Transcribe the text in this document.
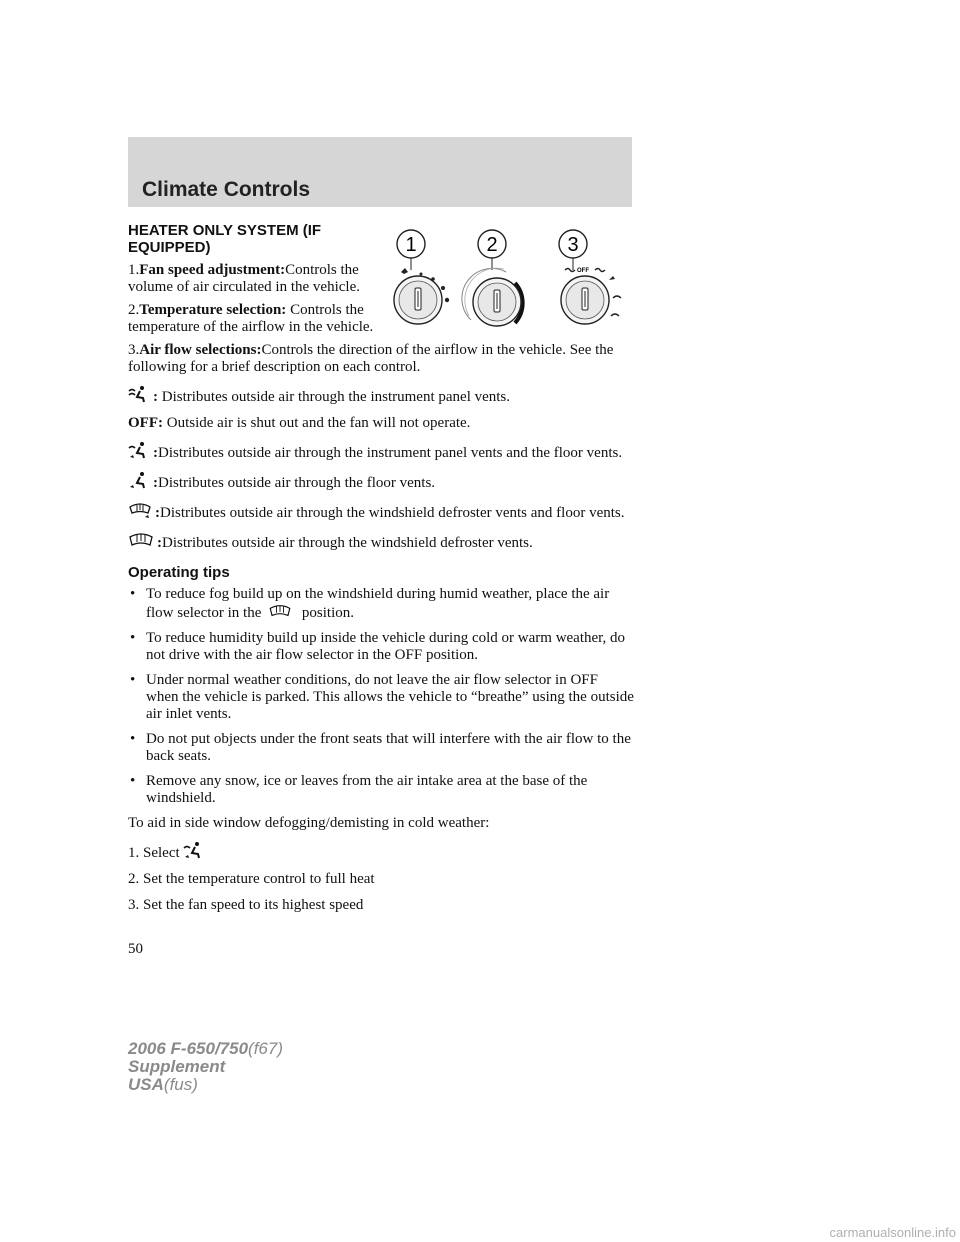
Climate Controls
1	2	3
OFF
HEATER ONLY SYSTEM (IF EQUIPPED)

1.Fan speed adjustment:Controls the volume of air circulated in the vehicle.

2.Temperature selection: Controls the temperature of the airflow in the vehicle.

3.Air flow selections:Controls the direction of the airflow in the vehicle. See the following for a brief description on each control.

: Distributes outside air through the instrument panel vents.

OFF: Outside air is shut out and the fan will not operate.

:Distributes outside air through the instrument panel vents and the floor vents.

:Distributes outside air through the floor vents.

:Distributes outside air through the windshield defroster vents and floor vents.

:Distributes outside air through the windshield defroster vents.

Operating tips
• To reduce fog build up on the windshield during humid weather, place the air flow selector in the	position.
• To reduce humidity build up inside the vehicle during cold or warm weather, do not drive with the air flow selector in the OFF position.
• Under normal weather conditions, do not leave the air flow selector in OFF when the vehicle is parked. This allows the vehicle to “breathe” using the outside air inlet vents.
• Do not put objects under the front seats that will interfere with the air flow to the back seats.
• Remove any snow, ice or leaves from the air intake area at the base of the windshield.

To aid in side window defogging/demisting in cold weather:

1. Select

2. Set the temperature control to full heat

3. Set the fan speed to its highest speed

50
2006 F-650/750(f67)
Supplement
USA(fus)
carmanualsonline.info
